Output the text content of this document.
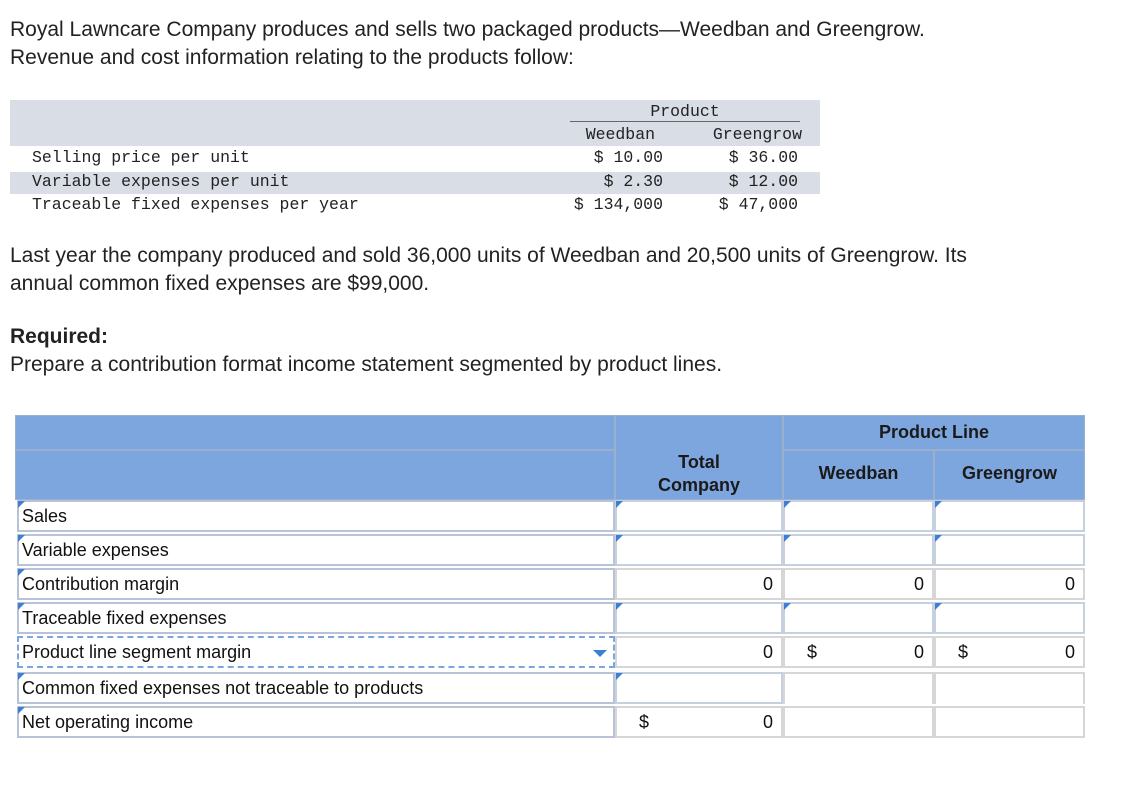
Royal Lawncare Company produces and sells two packaged products—Weedban and Greengrow.
Revenue and cost information relating to the products follow:
Product
Weedban	Greengrow
Selling price per unit	$ 10.00	$ 36.00
Variable expenses per unit	$ 2.30	$ 12.00
Traceable fixed expenses per year	$ 134,000	$ 47,000
Last year the company produced and sold 36,000 units of Weedban and 20,500 units of Greengrow. Its
annual common fixed expenses are $99,000.
Required:
Prepare a contribution format income statement segmented by product lines.
Product Line
Total
Company
Weedban	Greengrow
Sales
Variable expenses
Contribution margin	0	0	0
Traceable fixed expenses
Product line segment margin	0	$	0	$	0
Common fixed expenses not traceable to products
Net operating income	$	0
